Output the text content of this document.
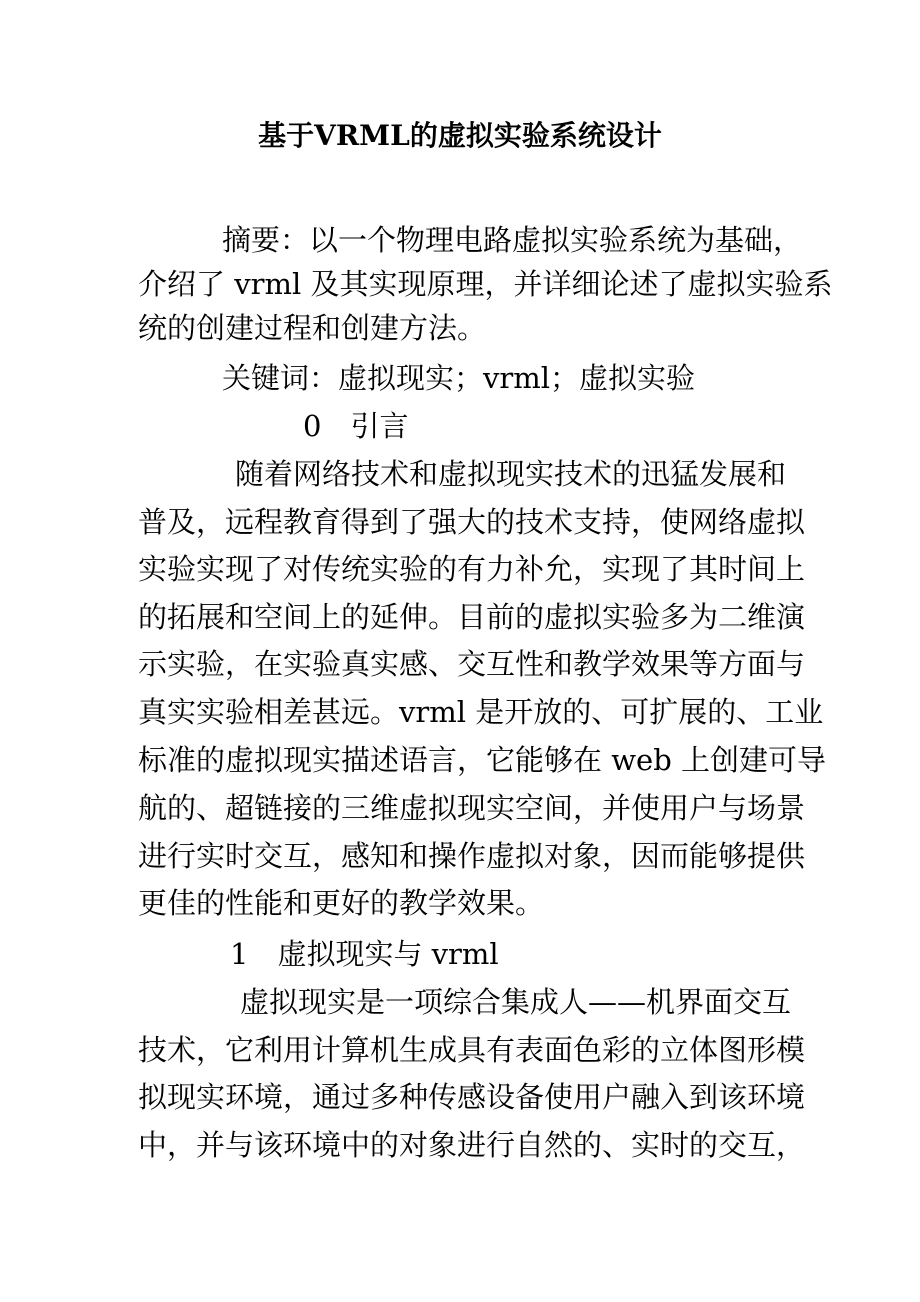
基于VRML的虚拟实验系统设计
摘要：以一个物理电路虚拟实验系统为基础，
介绍了 vrml 及其实现原理，并详细论述了虚拟实验系
统的创建过程和创建方法。
关键词：虚拟现实；vrml；虚拟实验
0　引言
随着网络技术和虚拟现实技术的迅猛发展和
普及，远程教育得到了强大的技术支持，使网络虚拟
实验实现了对传统实验的有力补允，实现了其时间上
的拓展和空间上的延伸。目前的虚拟实验多为二维演
示实验，在实验真实感、交互性和教学效果等方面与
真实实验相差甚远。vrml 是开放的、可扩展的、工业
标准的虚拟现实描述语言，它能够在 web 上创建可导
航的、超链接的三维虚拟现实空间，并使用户与场景
进行实时交互，感知和操作虚拟对象，因而能够提供
更佳的性能和更好的教学效果。
1　虚拟现实与 vrml
虚拟现实是一项综合集成人——机界面交互
技术，它利用计算机生成具有表面色彩的立体图形模
拟现实环境，通过多种传感设备使用户融入到该环境
中，并与该环境中的对象进行自然的、实时的交互，
